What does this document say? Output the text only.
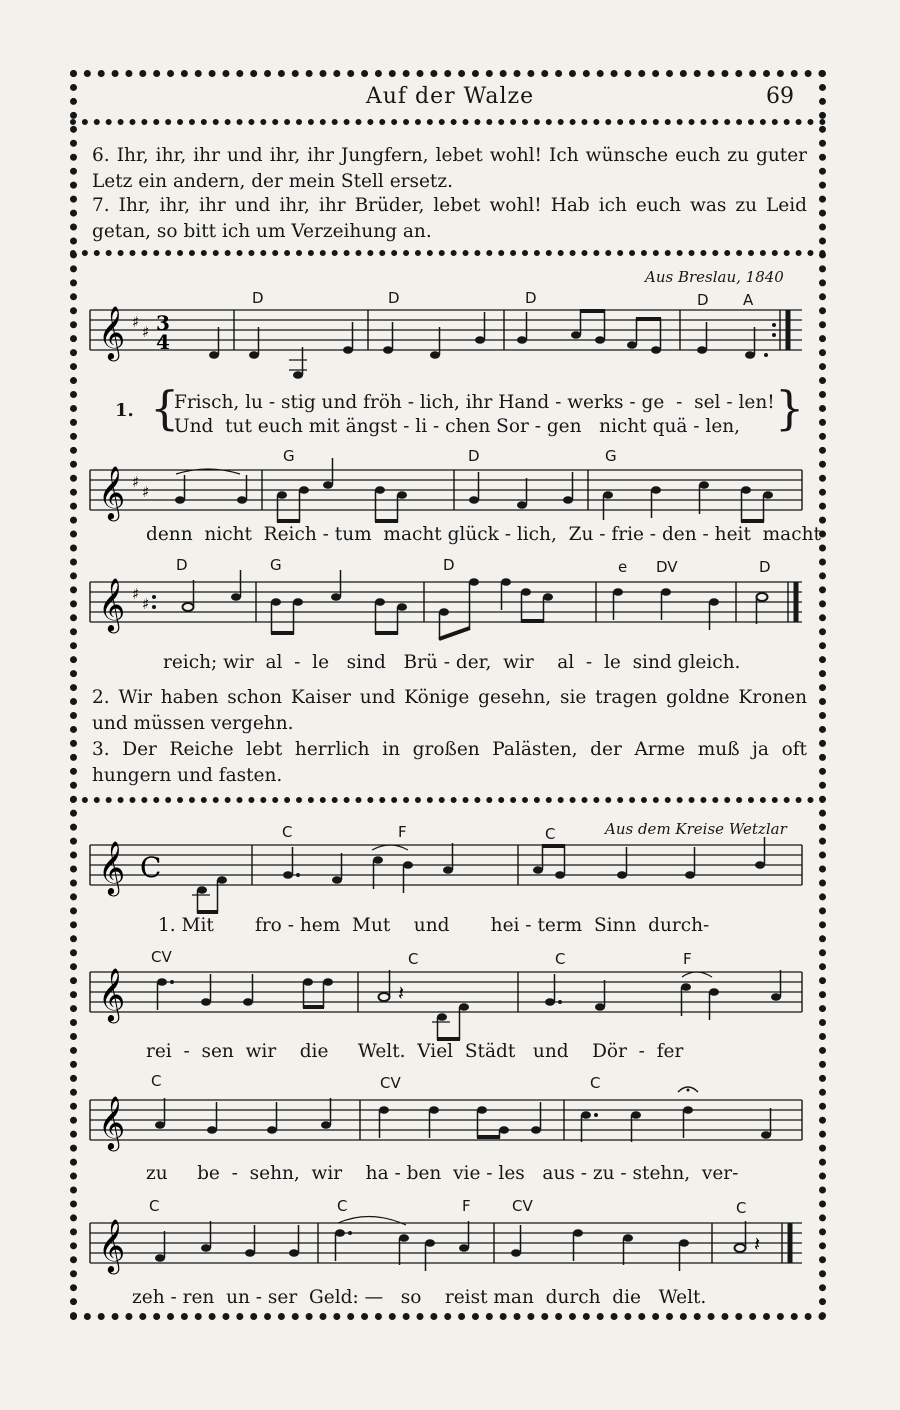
Auf der Walze	69
6. Ihr, ihr, ihr und ihr, ihr Jungfern, lebet wohl! Ich wünsche euch zu guter Letz ein andern, der mein Stell ersetz.
7. Ihr, ihr, ihr und ihr, ihr Brüder, lebet wohl! Hab ich euch was zu Leid getan, so bitt ich um Verzeihung an.
Aus Breslau, 1840
D	D	D	D A
𝄞 ♯
♯ 3
4
1. {
Frisch, lu - stig und fröh - lich, ihr Hand - werks - ge  -  sel - len!
Und  tut euch mit ängst - li - chen Sor - gen   nicht quä - len, }
G	D	G
𝄞 ♯
♯
denn  nicht  Reich - tum  macht glück - lich,  Zu - frie - den - heit  macht
D	G	D	e DV	D
𝄞 ♯
♯
reich; wir  al  -  le   sind   Brü - der,  wir    al  -  le  sind gleich.
2. Wir haben schon Kaiser und Könige gesehn, sie tragen goldne Kronen und müssen vergehn.
3. Der Reiche lebt herrlich in großen Palästen, der Arme muß ja oft hungern und fasten.
Aus dem Kreise Wetzlar
C	F	C
𝄞 C
1. Mit       fro - hem  Mut    und       hei - term  Sinn  durch-
CV	C	C	F
𝄞	𝄽
rei  -  sen  wir    die     Welt.  Viel  Städt   und    Dör  -  fer
C	CV	C
𝄞
zu     be  -  sehn,  wir    ha - ben  vie - les   aus - zu - stehn,  ver-
C	C	F	CV	C
𝄞	𝄽
zeh - ren  un - ser  Geld: —   so    reist man  durch  die   Welt.
